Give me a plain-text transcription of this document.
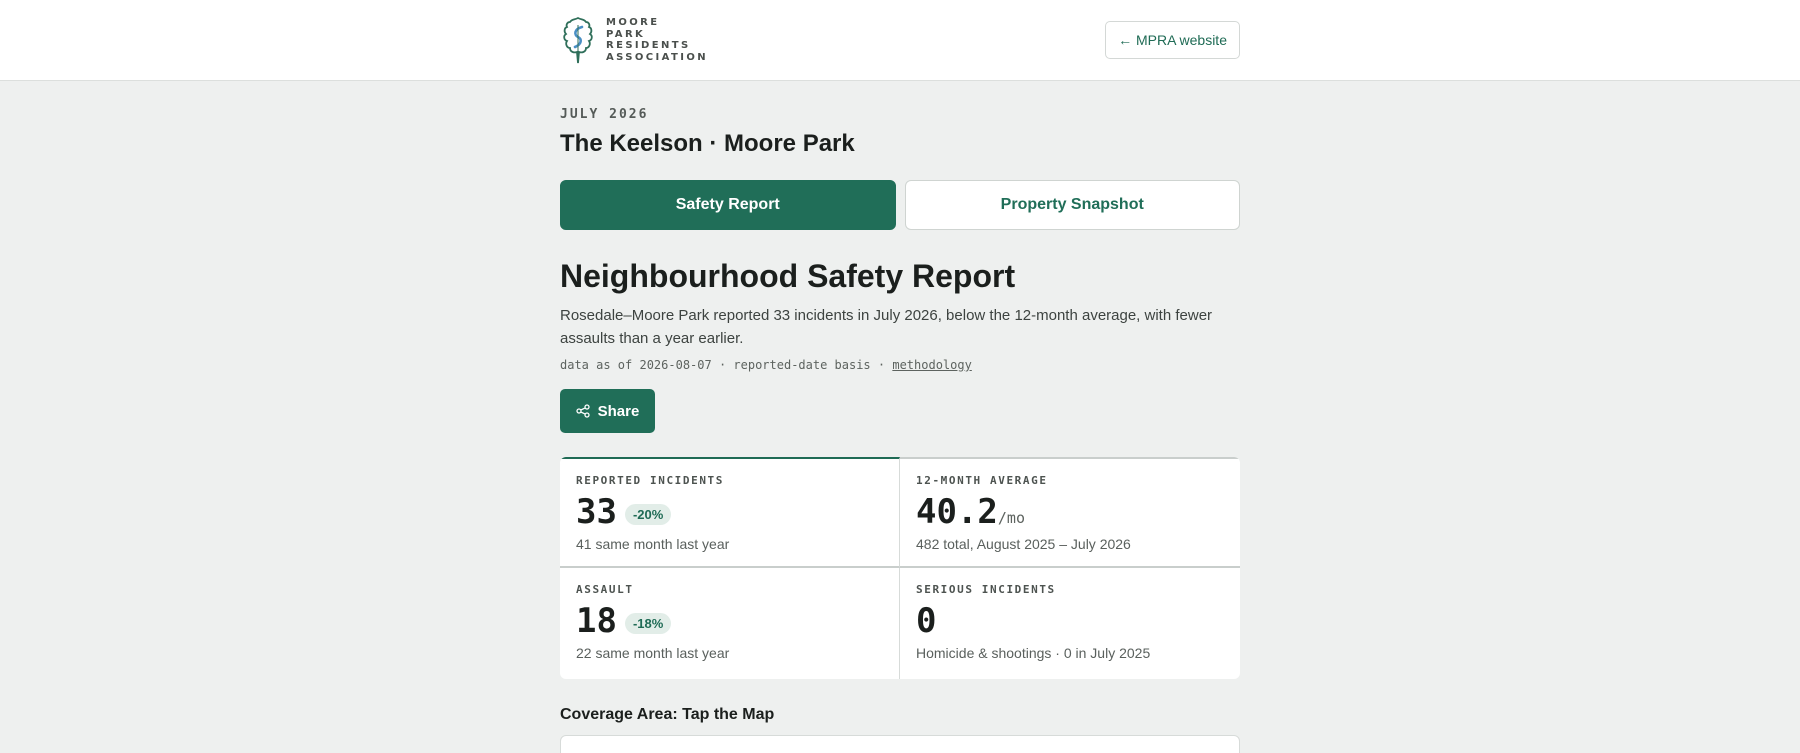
MOORE
PARK
RESIDENTS
ASSOCIATION
← MPRA website
JULY 2026
The Keelson · Moore Park
Safety Report	Property Snapshot
Neighbourhood Safety Report

Rosedale–Moore Park reported 33 incidents in July 2026, below the 12-month average, with fewer assaults than a year earlier.

data as of 2026-08-07 · reported-date basis · methodology
Share
REPORTED INCIDENTS
33	-20%
41 same month last year
12-MONTH AVERAGE
40.2 /mo
482 total, August 2025 – July 2026
ASSAULT
18	-18%
22 same month last year
SERIOUS INCIDENTS
0
Homicide & shootings · 0 in July 2025
Coverage Area: Tap the Map
